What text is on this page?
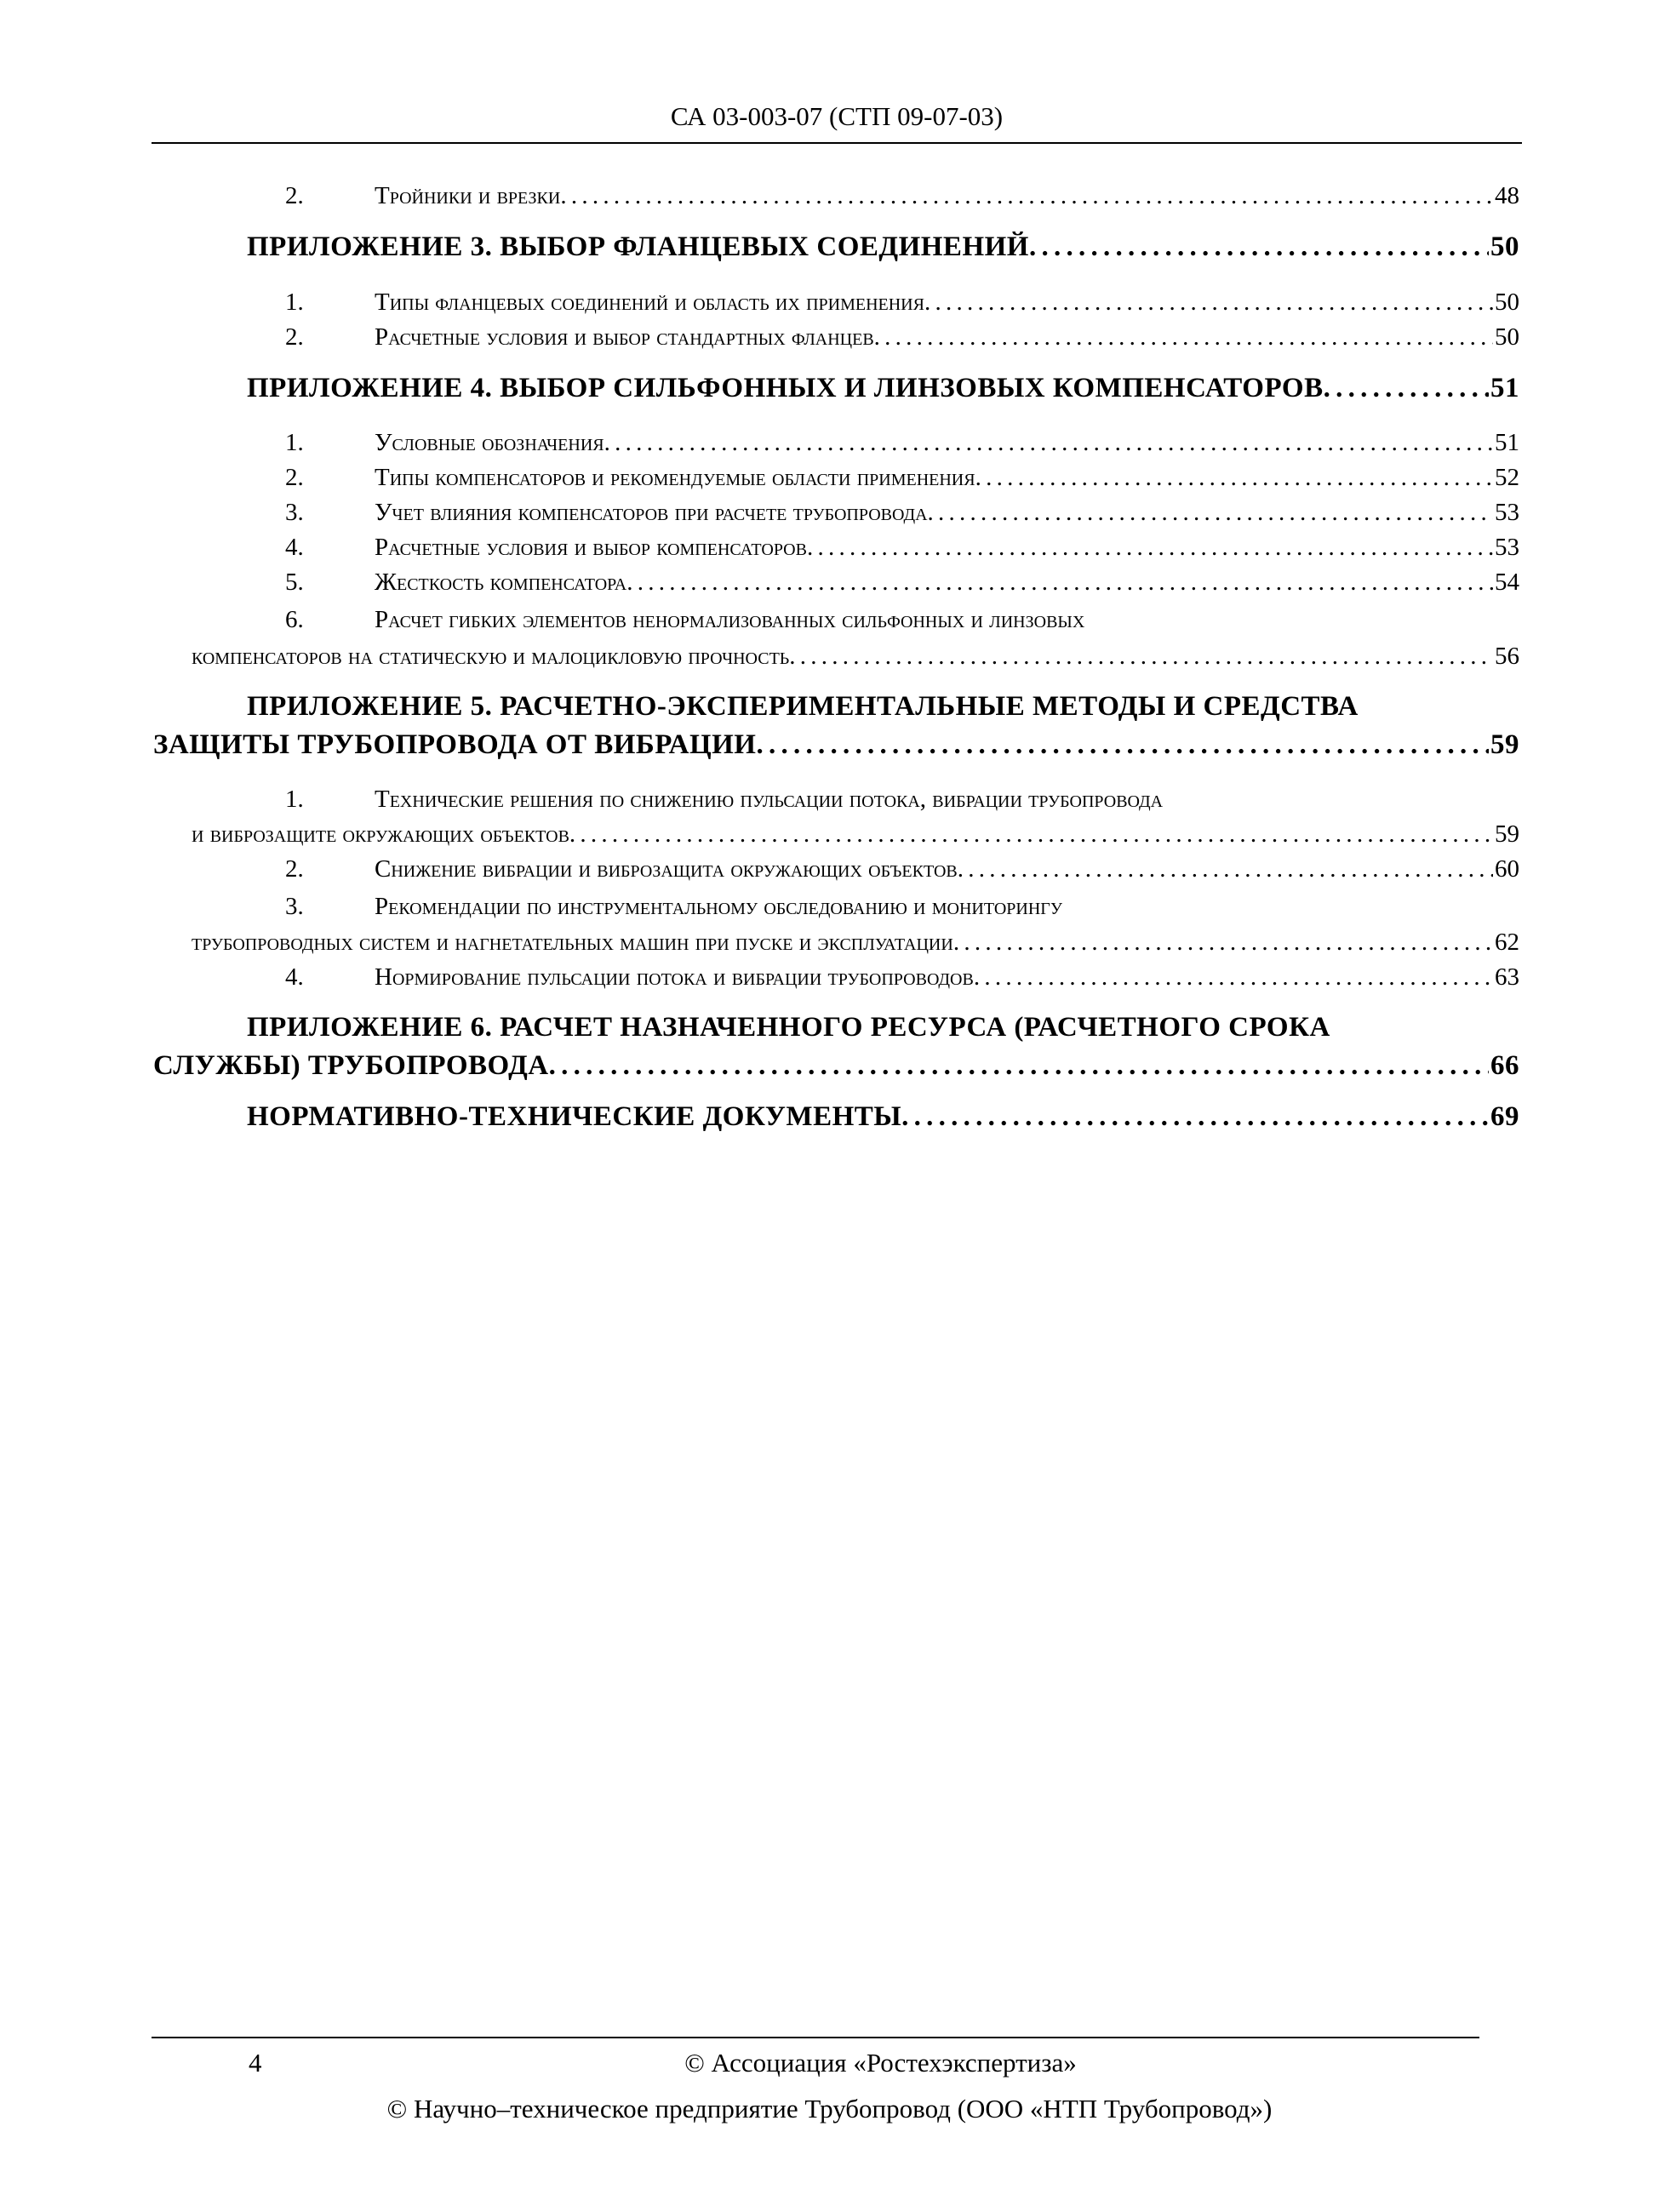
СА 03-003-07 (СТП 09-07-03)
2.	Тройники и врезки . . .	48
ПРИЛОЖЕНИЕ 3. ВЫБОР ФЛАНЦЕВЫХ СОЕДИНЕНИЙ . . .	50
1.	Типы фланцевых соединений и область их применения . . .	50
2.	Расчетные условия и выбор стандартных фланцев . . .	50
ПРИЛОЖЕНИЕ 4. ВЫБОР СИЛЬФОННЫХ И ЛИНЗОВЫХ КОМПЕНСАТОРОВ . . .	51
1.	Условные обозначения . . .	51
2.	Типы компенсаторов и рекомендуемые области применения . . .	52
3.	Учет влияния компенсаторов при расчете трубопровода . . .	53
4.	Расчетные условия и выбор компенсаторов . . .	53
5.	Жесткость компенсатора . . .	54
6.	Расчет гибких элементов ненормализованных сильфонных и линзовых
компенсаторов на статическую и малоцикловую прочность . . .	56
ПРИЛОЖЕНИЕ 5. РАСЧЕТНО-ЭКСПЕРИМЕНТАЛЬНЫЕ МЕТОДЫ И СРЕДСТВА
ЗАЩИТЫ ТРУБОПРОВОДА ОТ ВИБРАЦИИ . . .	59
1.	Технические решения по снижению пульсации потока, вибрации трубопровода
и виброзащите окружающих объектов . . .	59
2.	Снижение вибрации и виброзащита окружающих объектов . . .	60
3.	Рекомендации по инструментальному обследованию и мониторингу
трубопроводных систем и нагнетательных машин при пуске и эксплуатации . . .	62
4.	Нормирование пульсации потока и вибрации трубопроводов . . .	63
ПРИЛОЖЕНИЕ 6. РАСЧЕТ НАЗНАЧЕННОГО РЕСУРСА (РАСЧЕТНОГО СРОКА
СЛУЖБЫ) ТРУБОПРОВОДА . . .	66
НОРМАТИВНО-ТЕХНИЧЕСКИЕ ДОКУМЕНТЫ . . .	69
4	© Ассоциация «Ростехэкспертиза»
© Научно–техническое предприятие Трубопровод (ООО «НТП Трубопровод»)
